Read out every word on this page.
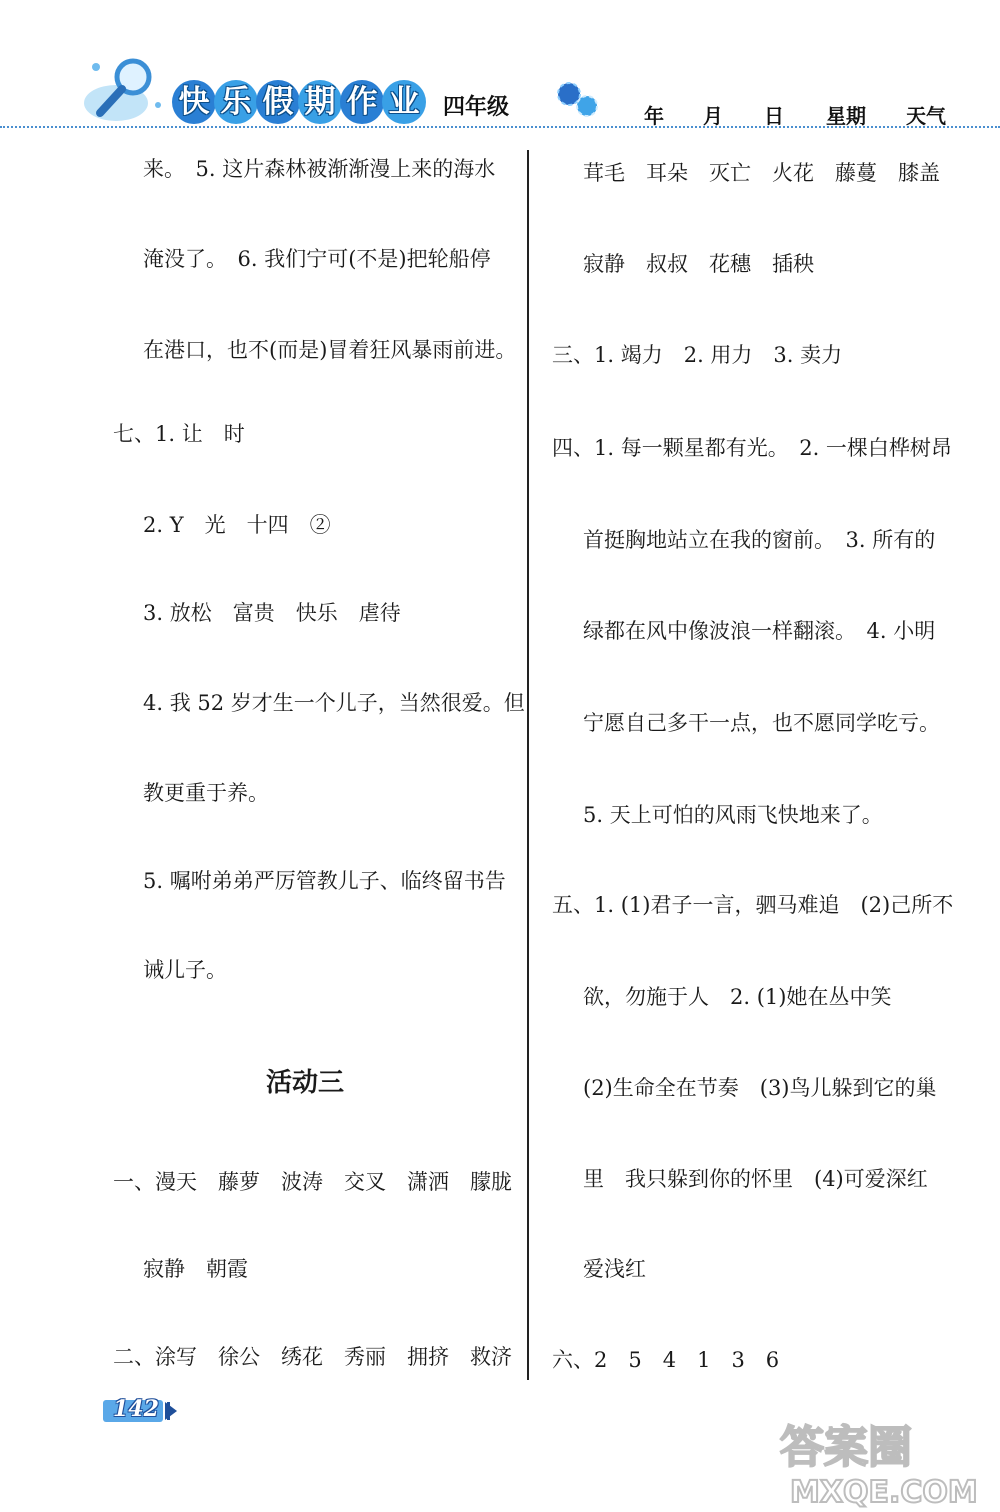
快 乐 假 期 作 业 四年级	年 月 日 星期 天气
来。　5. 这片森林被渐渐漫上来的海水
淹没了。　6. 我们宁可(不是)把轮船停
在港口，也不(而是)冒着狂风暴雨前进。
七、1. 让　时
2. Y　光　十四　②
3. 放松　富贵　快乐　虐待
4. 我 52 岁才生一个儿子，当然很爱。但
教更重于养。
5. 嘱咐弟弟严厉管教儿子、临终留书告
诫儿子。
活动三
一、漫天　藤萝　波涛　交叉　潇洒　朦胧
寂静　朝霞
二、涂写　徐公　绣花　秀丽　拥挤　救济
茸毛　耳朵　灭亡　火花　藤蔓　膝盖
寂静　叔叔　花穗　插秧
三、1. 竭力　2. 用力　3. 卖力
四、1. 每一颗星都有光。　2. 一棵白桦树昂
首挺胸地站立在我的窗前。　3. 所有的
绿都在风中像波浪一样翻滚。　4. 小明
宁愿自己多干一点，也不愿同学吃亏。
5. 天上可怕的风雨飞快地来了。
五、1. (1)君子一言，驷马难追　(2)己所不
欲，勿施于人　2. (1)她在丛中笑
(2)生命全在节奏　(3)鸟儿躲到它的巢
里　我只躲到你的怀里　(4)可爱深红
爱浅红
六、2　5　4　1　3　6
142
答案圈
MXQE.COM
